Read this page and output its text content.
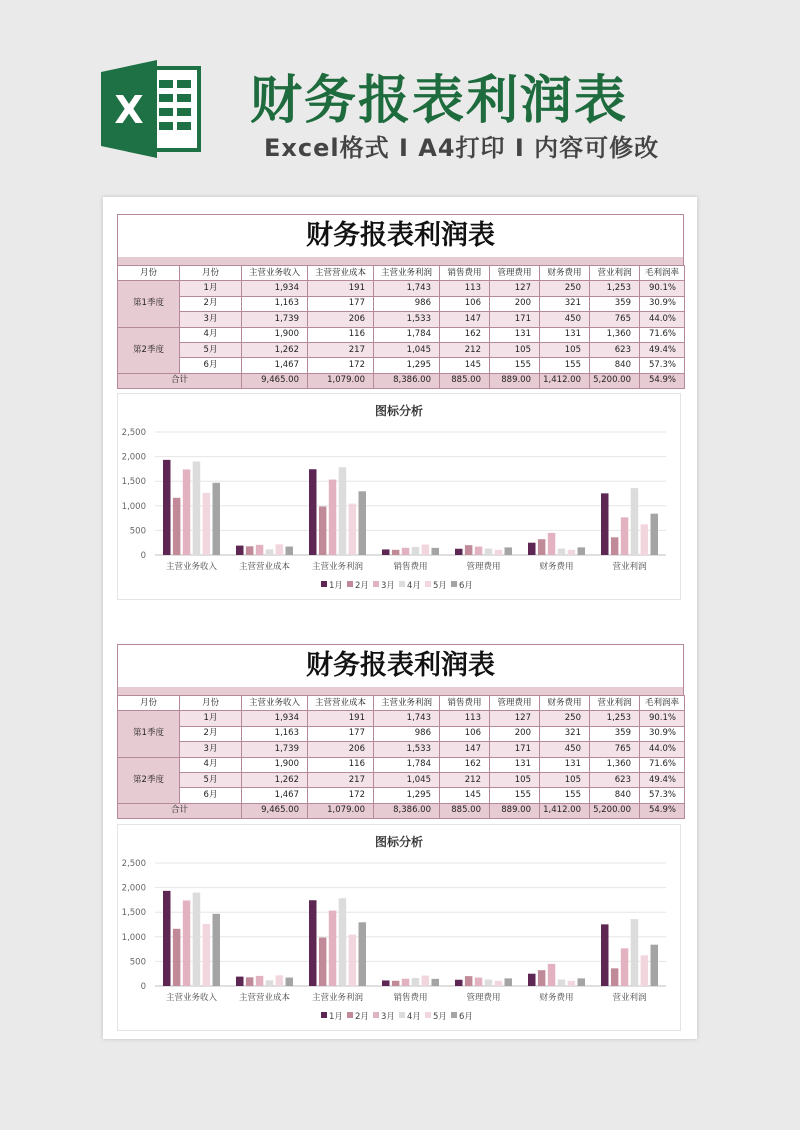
X 财务报表利润表
Excel格式 I A4打印 I 内容可修改
财务报表利润表
月份	月份	主营业务收入	主营营业成本	主营业务利润	销售费用	管理费用	财务费用	营业利润	毛利润率
第1季度	1月	1,934	191	1,743	113	127	250	1,253	90.1%
	2月	1,163	177	986	106	200	321	359	30.9%
	3月	1,739	206	1,533	147	171	450	765	44.0%
第2季度	4月	1,900	116	1,784	162	131	131	1,360	71.6%
	5月	1,262	217	1,045	212	105	105	623	49.4%
	6月	1,467	172	1,295	145	155	155	840	57.3%
合计		9,465.00	1,079.00	8,386.00	885.00	889.00	1,412.00	5,200.00	54.9%
图标分析
0
500
1,000
1,500
2,000
2,500
主营业务收入	主营营业成本	主营业务利润	销售费用	管理费用	财务费用	营业利润
1月 2月 3月 4月 5月 6月
财务报表利润表
月份	月份	主营业务收入	主营营业成本	主营业务利润	销售费用	管理费用	财务费用	营业利润	毛利润率
第1季度	1月	1,934	191	1,743	113	127	250	1,253	90.1%
	2月	1,163	177	986	106	200	321	359	30.9%
	3月	1,739	206	1,533	147	171	450	765	44.0%
第2季度	4月	1,900	116	1,784	162	131	131	1,360	71.6%
	5月	1,262	217	1,045	212	105	105	623	49.4%
	6月	1,467	172	1,295	145	155	155	840	57.3%
合计		9,465.00	1,079.00	8,386.00	885.00	889.00	1,412.00	5,200.00	54.9%
图标分析
0
500
1,000
1,500
2,000
2,500
主营业务收入	主营营业成本	主营业务利润	销售费用	管理费用	财务费用	营业利润
1月 2月 3月 4月 5月 6月
